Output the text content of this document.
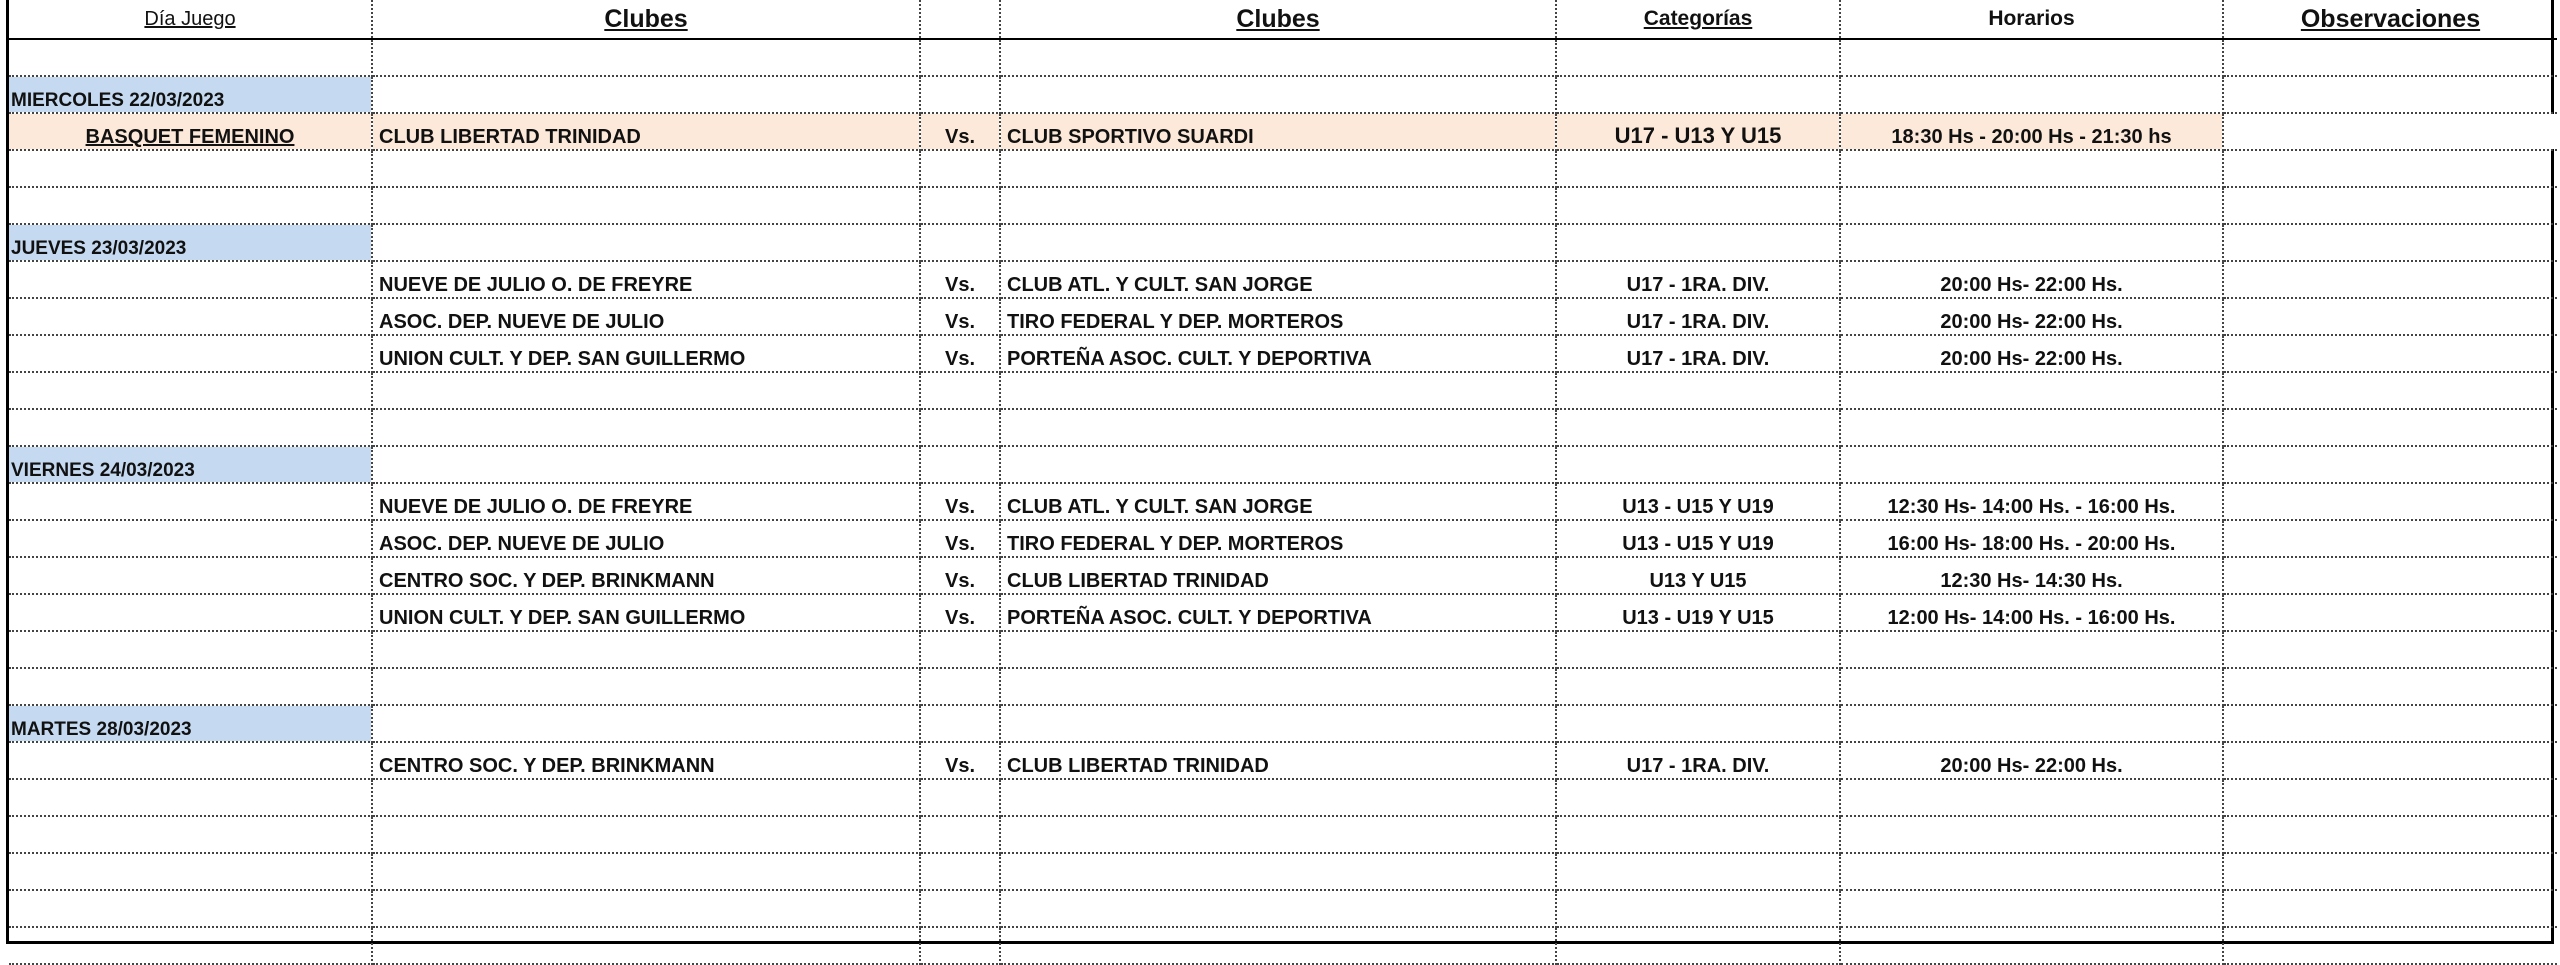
Día Juego	Clubes		Clubes	Categorías	Horarios	Observaciones

MIERCOLES 22/03/2023						
BASQUET FEMENINO	CLUB LIBERTAD TRINIDAD	Vs.	CLUB SPORTIVO SUARDI	U17 - U13 Y U15	18:30 Hs - 20:00 Hs - 21:30 hs	

JUEVES 23/03/2023						
	NUEVE DE JULIO O. DE FREYRE	Vs.	CLUB ATL. Y CULT. SAN JORGE	U17 - 1RA. DIV.	20:00 Hs- 22:00 Hs.	
	ASOC. DEP. NUEVE DE JULIO	Vs.	TIRO FEDERAL Y DEP. MORTEROS	U17 - 1RA. DIV.	20:00 Hs- 22:00 Hs.	
	UNION CULT. Y DEP. SAN GUILLERMO	Vs.	PORTEÑA ASOC. CULT. Y DEPORTIVA	U17 - 1RA. DIV.	20:00 Hs- 22:00 Hs.	

VIERNES 24/03/2023						
	NUEVE DE JULIO O. DE FREYRE	Vs.	CLUB ATL. Y CULT. SAN JORGE	U13 - U15 Y U19	12:30 Hs- 14:00 Hs. - 16:00 Hs.	
	ASOC. DEP. NUEVE DE JULIO	Vs.	TIRO FEDERAL Y DEP. MORTEROS	U13 - U15 Y U19	16:00 Hs- 18:00 Hs. - 20:00 Hs.	
	CENTRO SOC. Y DEP. BRINKMANN	Vs.	CLUB LIBERTAD TRINIDAD	U13 Y U15	12:30 Hs- 14:30 Hs.	
	UNION CULT. Y DEP. SAN GUILLERMO	Vs.	PORTEÑA ASOC. CULT. Y DEPORTIVA	U13 - U19 Y U15	12:00 Hs- 14:00 Hs. - 16:00 Hs.	

MARTES 28/03/2023						
	CENTRO SOC. Y DEP. BRINKMANN	Vs.	CLUB LIBERTAD TRINIDAD	U17 - 1RA. DIV.	20:00 Hs- 22:00 Hs.	
